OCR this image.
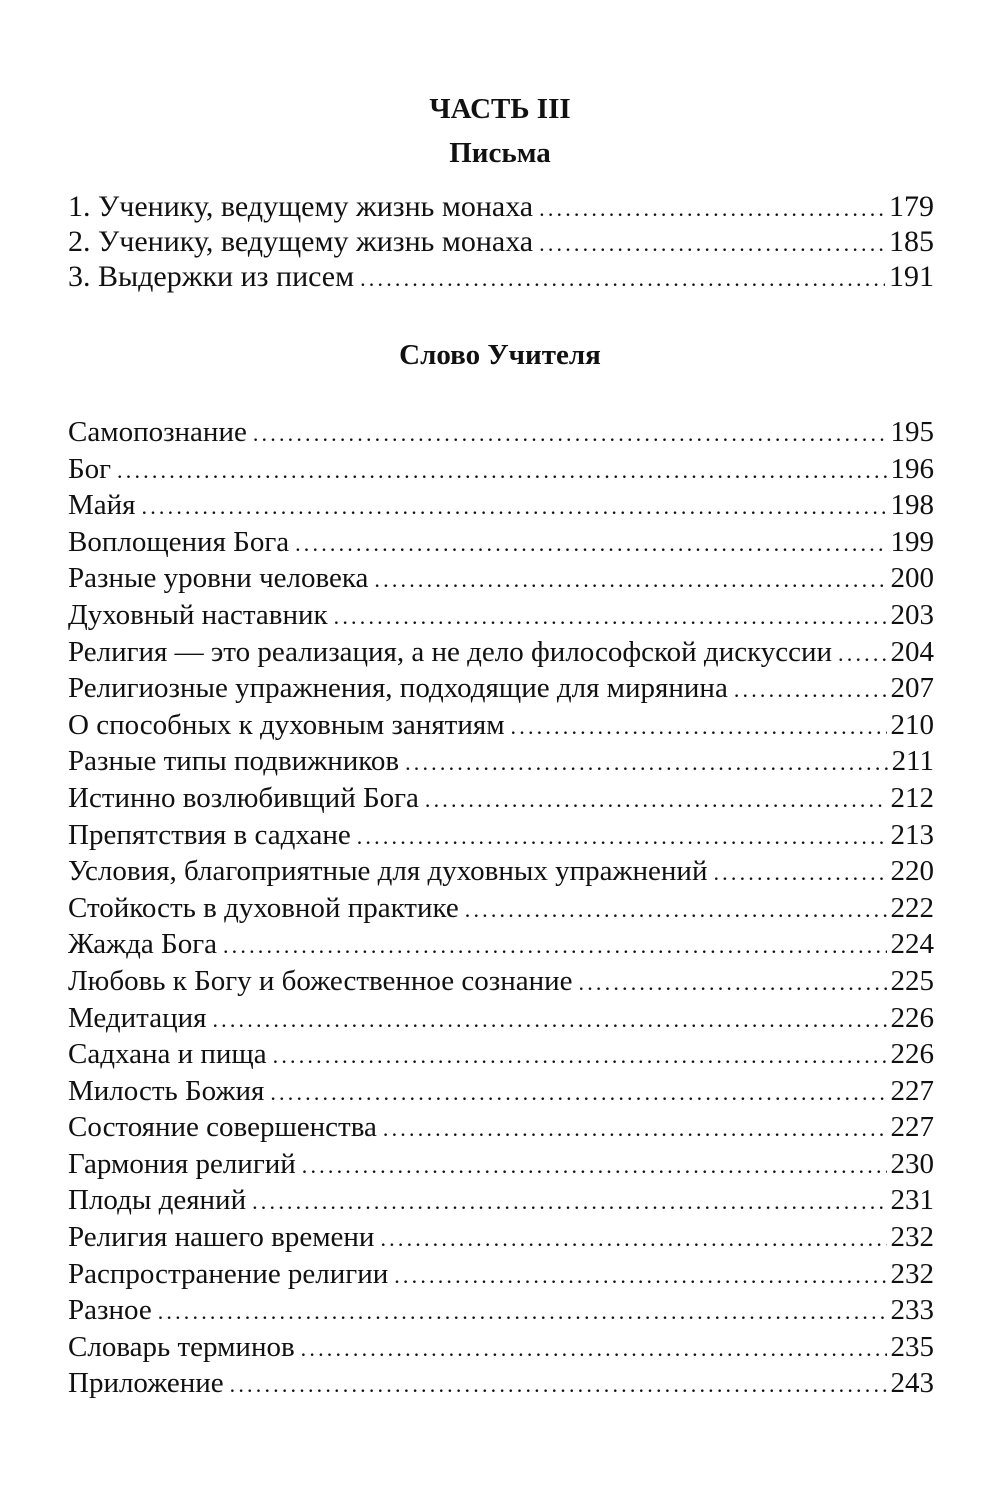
ЧАСТЬ III
Письма
1. Ученику, ведущему жизнь монаха .....	179
2. Ученику, ведущему жизнь монаха .....	185
3. Выдержки из писем .....	191
Слово Учителя
Самопознание .....	195
Бог .....	196
Майя .....	198
Воплощения Бога .....	199
Разные уровни человека .....	200
Духовный наставник .....	203
Религия — это реализация, а не дело философской дискуссии ..... 204
Религиозные упражнения, подходящие для мирянина .....	207
О способных к духовным занятиям .....	210
Разные типы подвижников .....	211
Истинно возлюбивщий Бога .....	212
Препятствия в садхане .....	213
Условия, благоприятные для духовных упражнений .....	220
Стойкость в духовной практике .....	222
Жажда Бога .....	224
Любовь к Богу и божественное сознание .....	225
Медитация .....	226
Садхана и пища .....	226
Милость Божия .....	227
Состояние совершенства .....	227
Гармония религий .....	230
Плоды деяний .....	231
Религия нашего времени .....	232
Распространение религии .....	232
Разное .....	233
Словарь терминов .....	235
Приложение .....	243
